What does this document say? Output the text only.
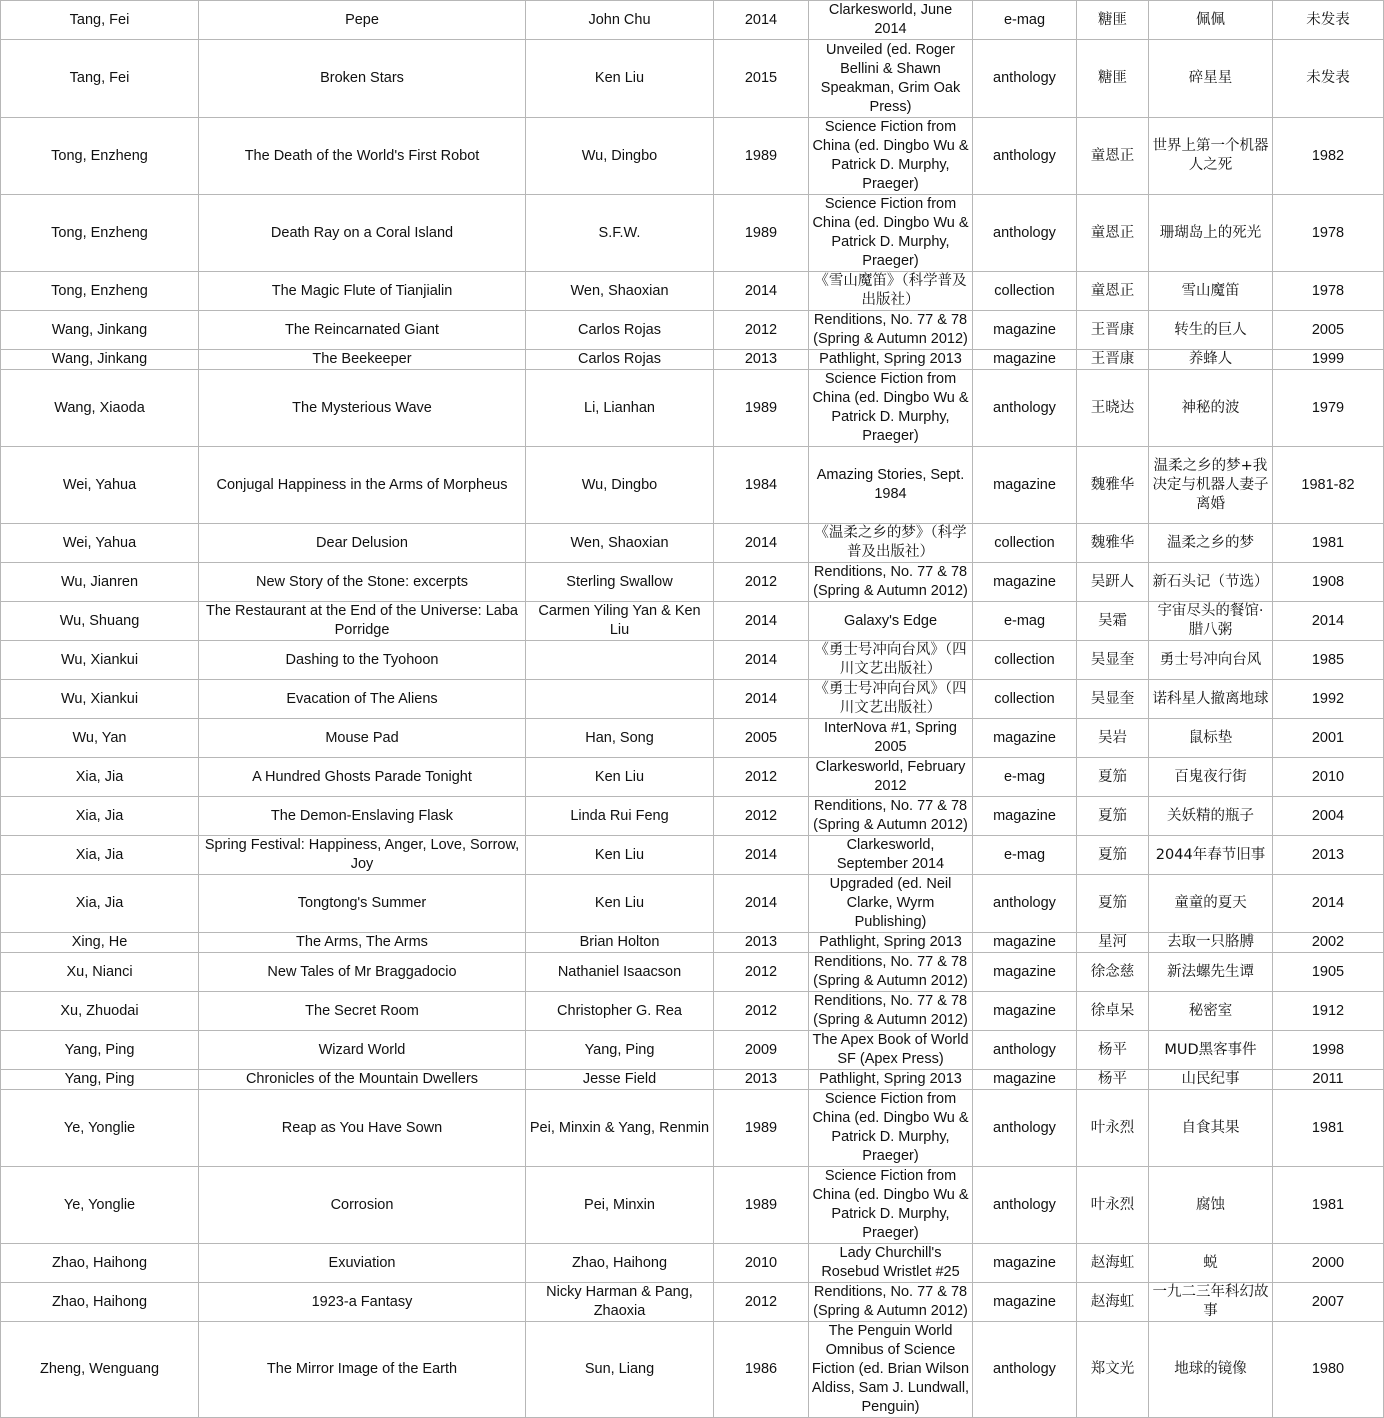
Tang, Fei	Pepe	John Chu	2014	Clarkesworld, June 2014	e-mag	糖匪	佩佩	未发表
Tang, Fei	Broken Stars	Ken Liu	2015	Unveiled (ed. Roger Bellini & Shawn Speakman, Grim Oak Press)	anthology	糖匪	碎星星	未发表
Tong, Enzheng	The Death of the World's First Robot	Wu, Dingbo	1989	Science Fiction from China (ed. Dingbo Wu & Patrick D. Murphy, Praeger)	anthology	童恩正	世界上第一个机器人之死	1982
Tong, Enzheng	Death Ray on a Coral Island	S.F.W.	1989	Science Fiction from China (ed. Dingbo Wu & Patrick D. Murphy, Praeger)	anthology	童恩正	珊瑚岛上的死光	1978
Tong, Enzheng	The Magic Flute of Tianjialin	Wen, Shaoxian	2014	《雪山魔笛》（科学普及出版社）	collection	童恩正	雪山魔笛	1978
Wang, Jinkang	The Reincarnated Giant	Carlos Rojas	2012	Renditions, No. 77 & 78 (Spring & Autumn 2012)	magazine	王晋康	转生的巨人	2005
Wang, Jinkang	The Beekeeper	Carlos Rojas	2013	Pathlight, Spring 2013	magazine	王晋康	养蜂人	1999
Wang, Xiaoda	The Mysterious Wave	Li, Lianhan	1989	Science Fiction from China (ed. Dingbo Wu & Patrick D. Murphy, Praeger)	anthology	王晓达	神秘的波	1979
Wei, Yahua	Conjugal Happiness in the Arms of Morpheus	Wu, Dingbo	1984	Amazing Stories, Sept. 1984	magazine	魏雅华	温柔之乡的梦+我决定与机器人妻子离婚	1981-82
Wei, Yahua	Dear Delusion	Wen, Shaoxian	2014	《温柔之乡的梦》（科学普及出版社）	collection	魏雅华	温柔之乡的梦	1981
Wu, Jianren	New Story of the Stone: excerpts	Sterling Swallow	2012	Renditions, No. 77 & 78 (Spring & Autumn 2012)	magazine	吴趼人	新石头记（节选）	1908
Wu, Shuang	The Restaurant at the End of the Universe: Laba Porridge	Carmen Yiling Yan & Ken Liu	2014	Galaxy's Edge	e-mag	吴霜	宇宙尽头的餐馆·腊八粥	2014
Wu, Xiankui	Dashing to the Tyohoon		2014	《勇士号冲向台风》（四川文艺出版社）	collection	吴显奎	勇士号冲向台风	1985
Wu, Xiankui	Evacation of The Aliens		2014	《勇士号冲向台风》（四川文艺出版社）	collection	吴显奎	诺科星人撤离地球	1992
Wu, Yan	Mouse Pad	Han, Song	2005	InterNova #1, Spring 2005	magazine	吴岩	鼠标垫	2001
Xia, Jia	A Hundred Ghosts Parade Tonight	Ken Liu	2012	Clarkesworld, February 2012	e-mag	夏笳	百鬼夜行街	2010
Xia, Jia	The Demon-Enslaving Flask	Linda Rui Feng	2012	Renditions, No. 77 & 78 (Spring & Autumn 2012)	magazine	夏笳	关妖精的瓶子	2004
Xia, Jia	Spring Festival: Happiness, Anger, Love, Sorrow, Joy	Ken Liu	2014	Clarkesworld, September 2014	e-mag	夏笳	2044年春节旧事	2013
Xia, Jia	Tongtong's Summer	Ken Liu	2014	Upgraded (ed. Neil Clarke, Wyrm Publishing)	anthology	夏笳	童童的夏天	2014
Xing, He	The Arms, The Arms	Brian Holton	2013	Pathlight, Spring 2013	magazine	星河	去取一只胳膊	2002
Xu, Nianci	New Tales of Mr Braggadocio	Nathaniel Isaacson	2012	Renditions, No. 77 & 78 (Spring & Autumn 2012)	magazine	徐念慈	新法螺先生谭	1905
Xu, Zhuodai	The Secret Room	Christopher G. Rea	2012	Renditions, No. 77 & 78 (Spring & Autumn 2012)	magazine	徐卓呆	秘密室	1912
Yang, Ping	Wizard World	Yang, Ping	2009	The Apex Book of World SF (Apex Press)	anthology	杨平	MUD黑客事件	1998
Yang, Ping	Chronicles of the Mountain Dwellers	Jesse Field	2013	Pathlight, Spring 2013	magazine	杨平	山民纪事	2011
Ye, Yonglie	Reap as You Have Sown	Pei, Minxin & Yang, Renmin	1989	Science Fiction from China (ed. Dingbo Wu & Patrick D. Murphy, Praeger)	anthology	叶永烈	自食其果	1981
Ye, Yonglie	Corrosion	Pei, Minxin	1989	Science Fiction from China (ed. Dingbo Wu & Patrick D. Murphy, Praeger)	anthology	叶永烈	腐蚀	1981
Zhao, Haihong	Exuviation	Zhao, Haihong	2010	Lady Churchill's Rosebud Wristlet #25	magazine	赵海虹	蜕	2000
Zhao, Haihong	1923-a Fantasy	Nicky Harman & Pang, Zhaoxia	2012	Renditions, No. 77 & 78 (Spring & Autumn 2012)	magazine	赵海虹	一九二三年科幻故事	2007
Zheng, Wenguang	The Mirror Image of the Earth	Sun, Liang	1986	The Penguin World Omnibus of Science Fiction (ed. Brian Wilson Aldiss, Sam J. Lundwall, Penguin)	anthology	郑文光	地球的镜像	1980
